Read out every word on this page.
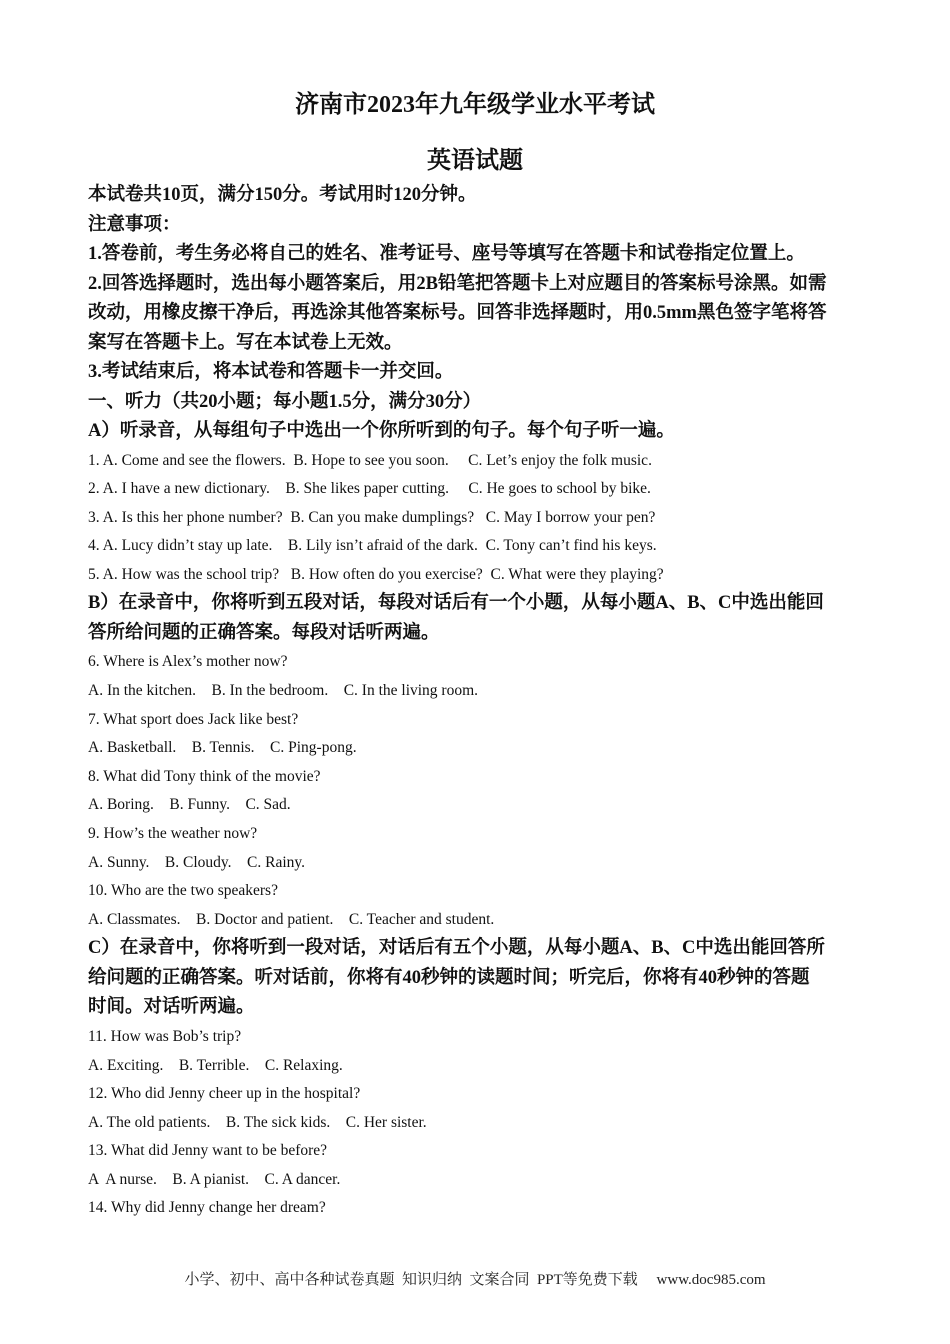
济南市2023年九年级学业水平考试
英语试题
本试卷共10页，满分150分。考试用时120分钟。
注意事项：
1.答卷前，考生务必将自己的姓名、准考证号、座号等填写在答题卡和试卷指定位置上。
2.回答选择题时，选出每小题答案后，用2B铅笔把答题卡上对应题目的答案标号涂黑。如需
改动，用橡皮擦干净后，再选涂其他答案标号。回答非选择题时，用0.5mm黑色签字笔将答
案写在答题卡上。写在本试卷上无效。
3.考试结束后，将本试卷和答题卡一并交回。
一、听力（共20小题；每小题1.5分，满分30分）
A）听录音，从每组句子中选出一个你所听到的句子。每个句子听一遍。
1. A. Come and see the flowers.  B. Hope to see you soon.     C. Let’s enjoy the folk music.
2. A. I have a new dictionary.    B. She likes paper cutting.     C. He goes to school by bike.
3. A. Is this her phone number?  B. Can you make dumplings?   C. May I borrow your pen?
4. A. Lucy didn’t stay up late.    B. Lily isn’t afraid of the dark.  C. Tony can’t find his keys.
5. A. How was the school trip?   B. How often do you exercise?  C. What were they playing?
B）在录音中，你将听到五段对话，每段对话后有一个小题，从每小题A、B、C中选出能回
答所给问题的正确答案。每段对话听两遍。
6. Where is Alex’s mother now?
A. In the kitchen.    B. In the bedroom.    C. In the living room.
7. What sport does Jack like best?
A. Basketball.    B. Tennis.    C. Ping-pong.
8. What did Tony think of the movie?
A. Boring.    B. Funny.    C. Sad.
9. How’s the weather now?
A. Sunny.    B. Cloudy.    C. Rainy.
10. Who are the two speakers?
A. Classmates.    B. Doctor and patient.    C. Teacher and student.
C）在录音中，你将听到一段对话，对话后有五个小题，从每小题A、B、C中选出能回答所
给问题的正确答案。听对话前，你将有40秒钟的读题时间；听完后，你将有40秒钟的答题
时间。对话听两遍。
11. How was Bob’s trip?
A. Exciting.    B. Terrible.    C. Relaxing.
12. Who did Jenny cheer up in the hospital?
A. The old patients.    B. The sick kids.    C. Her sister.
13. What did Jenny want to be before?
A  A nurse.    B. A pianist.    C. A dancer.
14. Why did Jenny change her dream?
小学、初中、高中各种试卷真题  知识归纳  文案合同  PPT等免费下载     www.doc985.com
